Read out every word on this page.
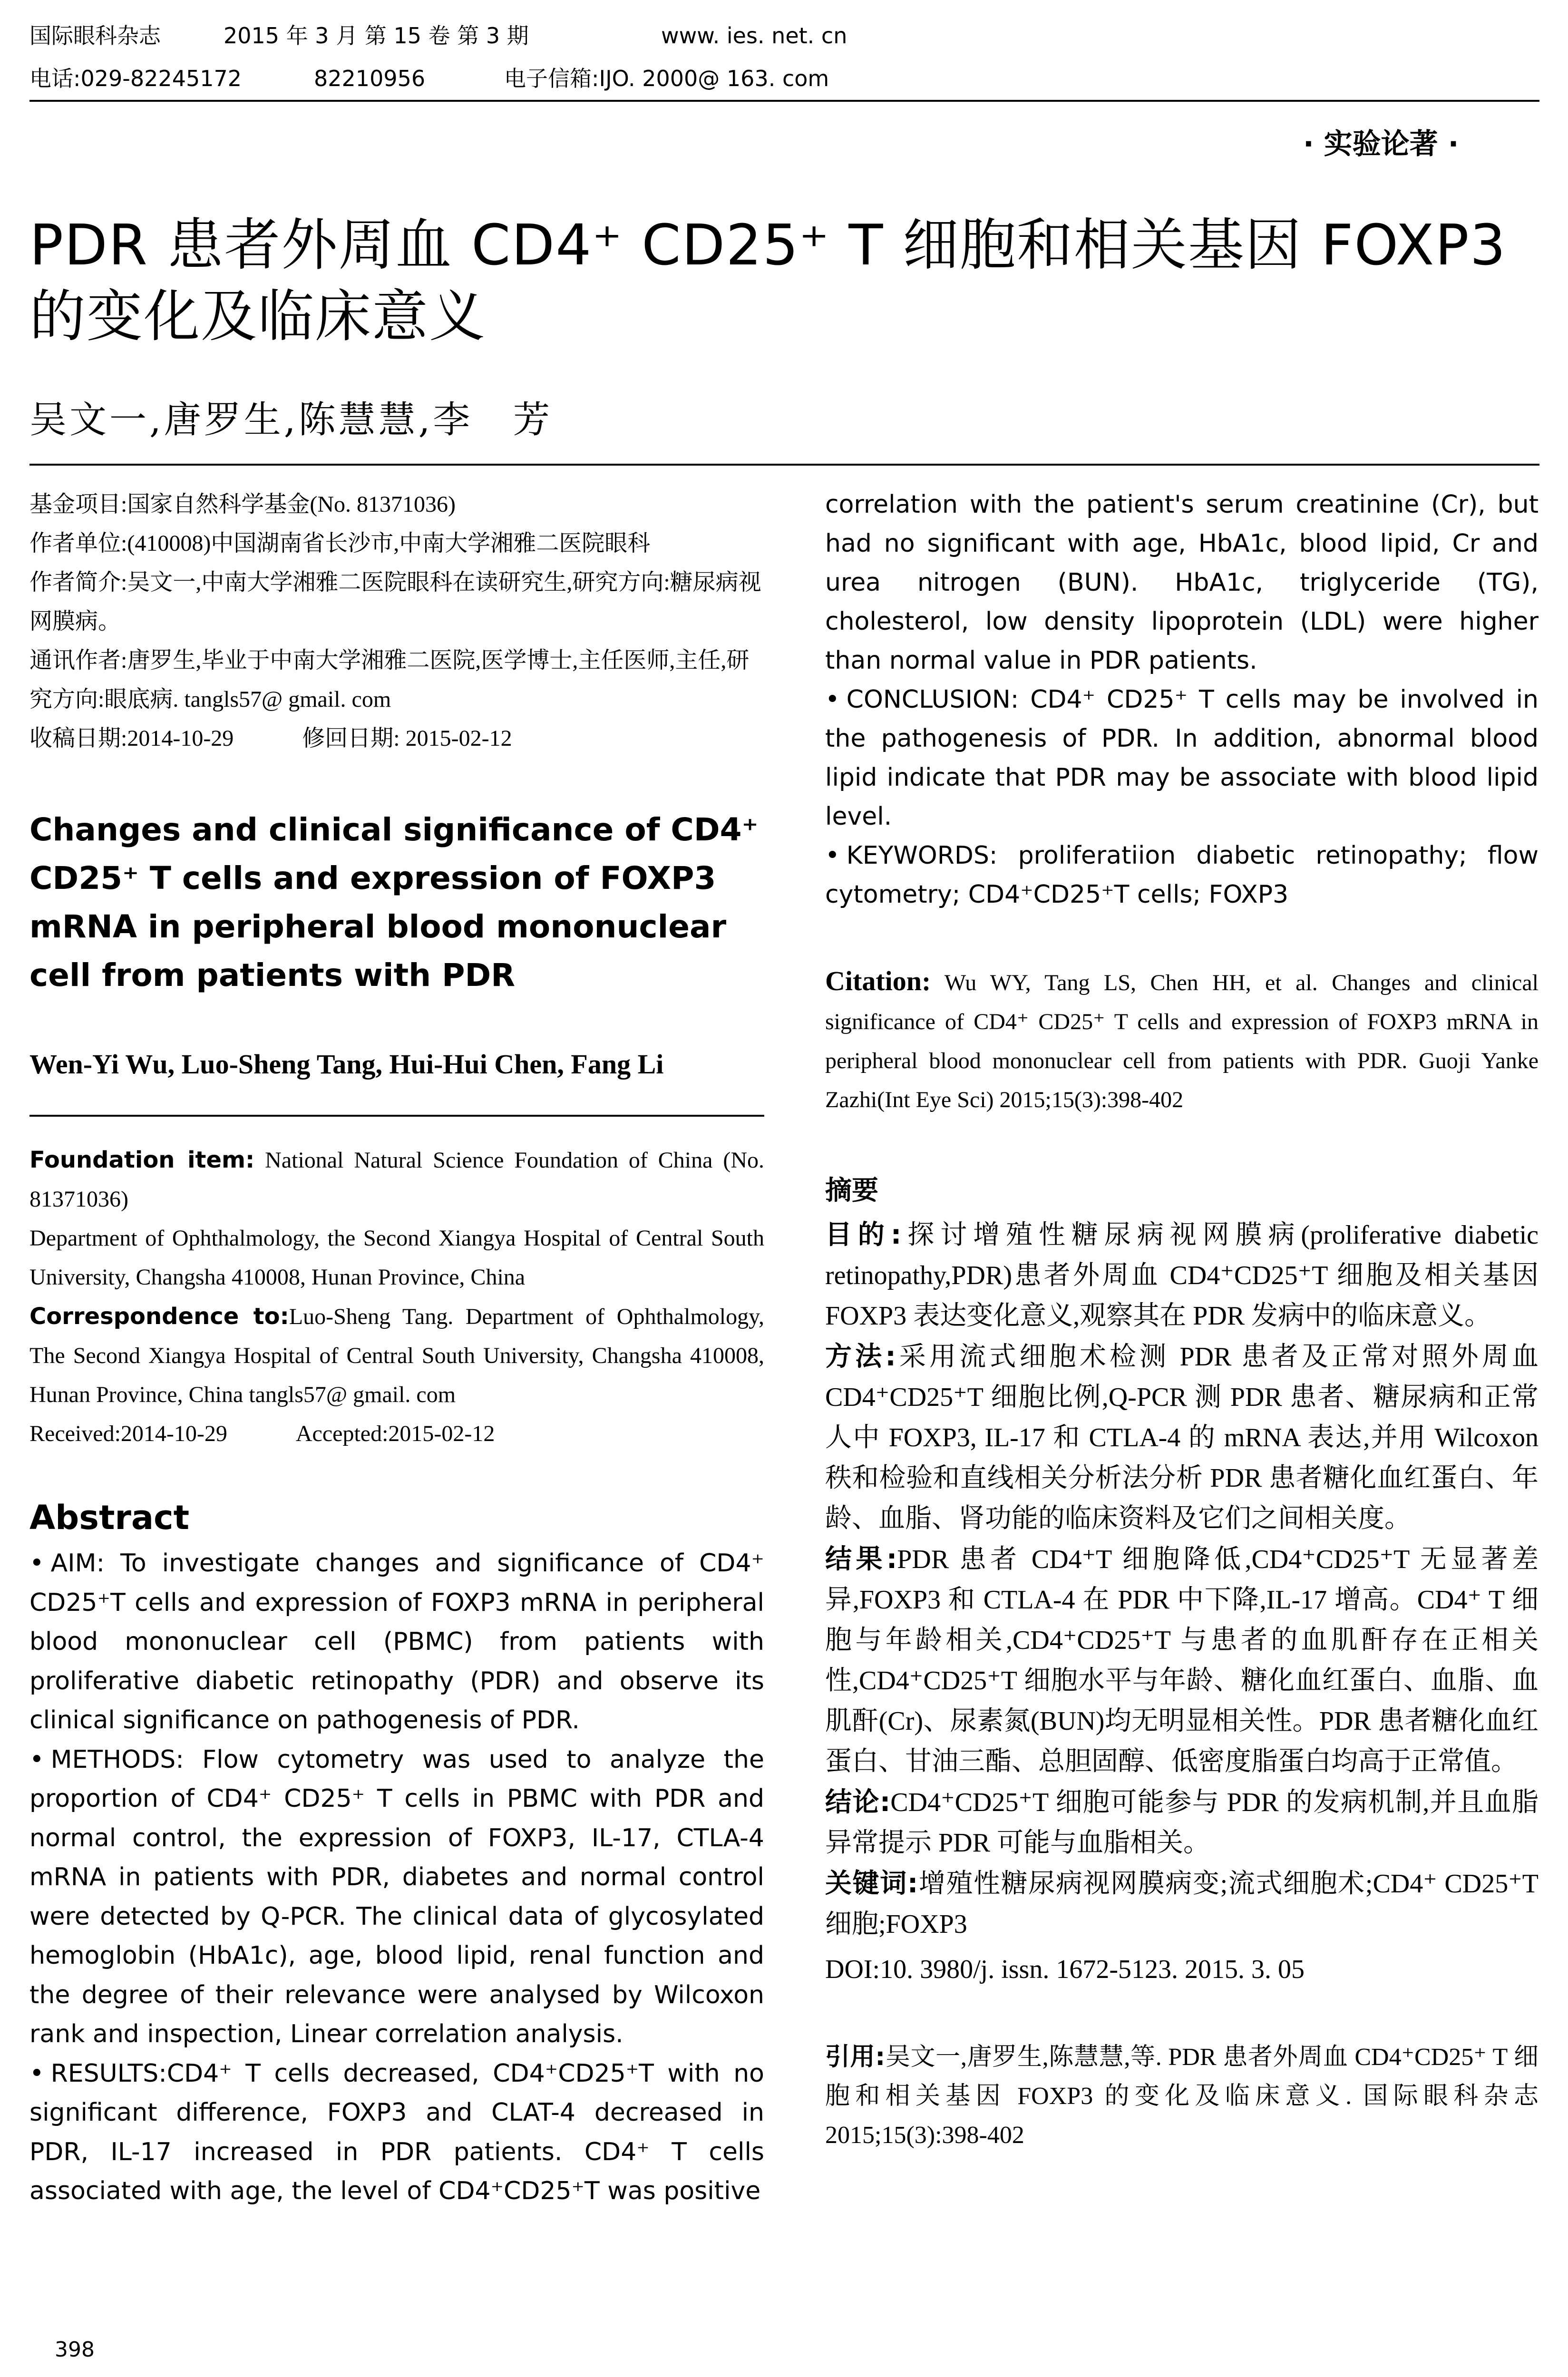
国际眼科杂志	2015 年 3 月 第 15 卷 第 3 期	www. ies. net. cn
电话:029-82245172	82210956	电子信箱:IJO. 2000@ 163. com
· 实验论著 ·
PDR 患者外周血 CD4⁺ CD25⁺ T 细胞和相关基因 FOXP3
的变化及临床意义
吴文一,唐罗生,陈慧慧,李　芳

基金项目:国家自然科学基金(No. 81371036)

作者单位:(410008)中国湖南省长沙市,中南大学湘雅二医院眼科

作者简介:吴文一,中南大学湘雅二医院眼科在读研究生,研究方向:糖尿病视网膜病。

通讯作者:唐罗生,毕业于中南大学湘雅二医院,医学博士,主任医师,主任,研究方向:眼底病. tangls57@ gmail. com

收稿日期:2014-10-29　　　修回日期: 2015-02-12

Changes and clinical significance of CD4⁺ CD25⁺ T cells and expression of FOXP3 mRNA in peripheral blood mononuclear cell from patients with PDR
Wen-Yi Wu, Luo-Sheng Tang, Hui-Hui Chen, Fang Li

Foundation item: National Natural Science Foundation of China (No. 81371036)

Department of Ophthalmology, the Second Xiangya Hospital of Central South University, Changsha 410008, Hunan Province, China

Correspondence to:Luo-Sheng Tang. Department of Ophthalmology, The Second Xiangya Hospital of Central South University, Changsha 410008, Hunan Province, China tangls57@ gmail. com

Received:2014-10-29　　　Accepted:2015-02-12

Abstract

• AIM: To investigate changes and significance of CD4⁺ CD25⁺T cells and expression of FOXP3 mRNA in peripheral blood mononuclear cell (PBMC) from patients with proliferative diabetic retinopathy (PDR) and observe its clinical significance on pathogenesis of PDR.

• METHODS: Flow cytometry was used to analyze the proportion of CD4⁺ CD25⁺ T cells in PBMC with PDR and normal control, the expression of FOXP3, IL-17, CTLA-4 mRNA in patients with PDR, diabetes and normal control were detected by Q-PCR. The clinical data of glycosylated hemoglobin (HbA1c), age, blood lipid, renal function and the degree of their relevance were analysed by Wilcoxon rank and inspection, Linear correlation analysis.

• RESULTS:CD4⁺ T cells decreased, CD4⁺CD25⁺T with no significant difference, FOXP3 and CLAT-4 decreased in PDR, IL-17 increased in PDR patients. CD4⁺ T cells associated with age, the level of CD4⁺CD25⁺T was positive

correlation with the patient's serum creatinine (Cr), but had no significant with age, HbA1c, blood lipid, Cr and urea nitrogen (BUN). HbA1c, triglyceride (TG), cholesterol, low density lipoprotein (LDL) were higher than normal value in PDR patients.

• CONCLUSION: CD4⁺ CD25⁺ T cells may be involved in the pathogenesis of PDR. In addition, abnormal blood lipid indicate that PDR may be associate with blood lipid level.

• KEYWORDS: proliferatiion diabetic retinopathy; flow cytometry; CD4⁺CD25⁺T cells; FOXP3

Citation: Wu WY, Tang LS, Chen HH, et al. Changes and clinical significance of CD4⁺ CD25⁺ T cells and expression of FOXP3 mRNA in peripheral blood mononuclear cell from patients with PDR. Guoji Yanke Zazhi(Int Eye Sci) 2015;15(3):398-402
摘要

目的:探讨增殖性糖尿病视网膜病(proliferative diabetic retinopathy,PDR)患者外周血 CD4⁺CD25⁺T 细胞及相关基因 FOXP3 表达变化意义,观察其在 PDR 发病中的临床意义。

方法:采用流式细胞术检测 PDR 患者及正常对照外周血 CD4⁺CD25⁺T 细胞比例,Q-PCR 测 PDR 患者、糖尿病和正常人中 FOXP3, IL-17 和 CTLA-4 的 mRNA 表达,并用 Wilcoxon 秩和检验和直线相关分析法分析 PDR 患者糖化血红蛋白、年龄、血脂、肾功能的临床资料及它们之间相关度。

结果:PDR 患者 CD4⁺T 细胞降低,CD4⁺CD25⁺T 无显著差异,FOXP3 和 CTLA-4 在 PDR 中下降,IL-17 增高。CD4⁺ T 细胞与年龄相关,CD4⁺CD25⁺T 与患者的血肌酐存在正相关性,CD4⁺CD25⁺T 细胞水平与年龄、糖化血红蛋白、血脂、血肌酐(Cr)、尿素氮(BUN)均无明显相关性。PDR 患者糖化血红蛋白、甘油三酯、总胆固醇、低密度脂蛋白均高于正常值。

结论:CD4⁺CD25⁺T 细胞可能参与 PDR 的发病机制,并且血脂异常提示 PDR 可能与血脂相关。

关键词:增殖性糖尿病视网膜病变;流式细胞术;CD4⁺ CD25⁺T 细胞;FOXP3

DOI:10. 3980/j. issn. 1672-5123. 2015. 3. 05

引用:吴文一,唐罗生,陈慧慧,等. PDR 患者外周血 CD4⁺CD25⁺ T 细胞和相关基因 FOXP3 的变化及临床意义. 国际眼科杂志 2015;15(3):398-402
398
